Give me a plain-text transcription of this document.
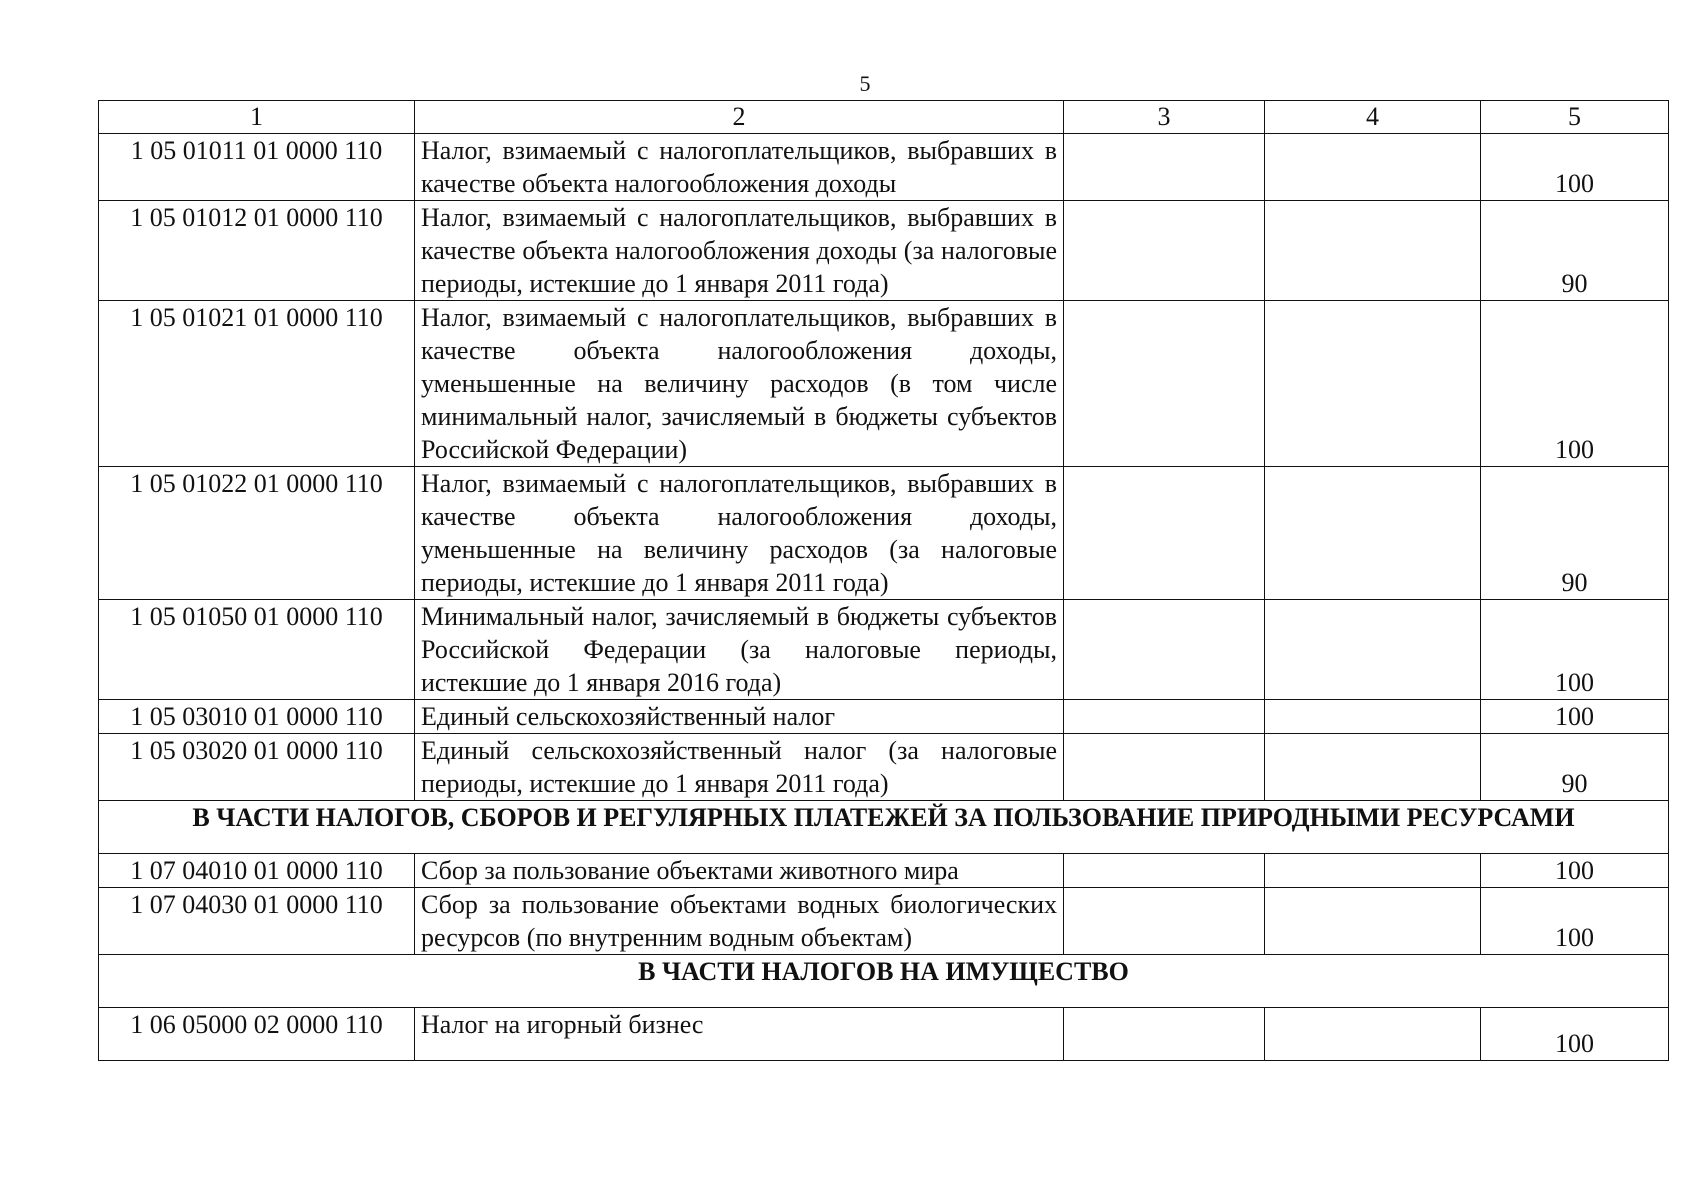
5
1	2	3	4	5
1 05 01011 01 0000 110	Налог, взимаемый с налогоплательщиков, выбравших в качестве объекта налогообложения доходы			100
1 05 01012 01 0000 110	Налог, взимаемый с налогоплательщиков, выбравших в качестве объекта налогообложения доходы (за налоговые периоды, истекшие до 1 января 2011 года)			90
1 05 01021 01 0000 110	Налог, взимаемый с налогоплательщиков, выбравших в качестве объекта налогообложения доходы, уменьшенные на величину расходов (в том числе минимальный налог, зачисляемый в бюджеты субъектов Российской Федерации)			100
1 05 01022 01 0000 110	Налог, взимаемый с налогоплательщиков, выбравших в качестве объекта налогообложения доходы, уменьшенные на величину расходов (за налоговые периоды, истекшие до 1 января 2011 года)			90
1 05 01050 01 0000 110	Минимальный налог, зачисляемый в бюджеты субъектов Российской Федерации (за налоговые периоды, истекшие до 1 января 2016 года)			100
1 05 03010 01 0000 110	Единый сельскохозяйственный налог			100
1 05 03020 01 0000 110	Единый сельскохозяйственный налог (за налоговые периоды, истекшие до 1 января 2011 года)			90
В ЧАСТИ НАЛОГОВ, СБОРОВ И РЕГУЛЯРНЫХ ПЛАТЕЖЕЙ ЗА ПОЛЬЗОВАНИЕ ПРИРОДНЫМИ РЕСУРСАМИ				
1 07 04010 01 0000 110	Сбор за пользование объектами животного мира			100
1 07 04030 01 0000 110	Сбор за пользование объектами водных биологических ресурсов (по внутренним водным объектам)			100
В ЧАСТИ НАЛОГОВ НА ИМУЩЕСТВО				
1 06 05000 02 0000 110	Налог на игорный бизнес			100
